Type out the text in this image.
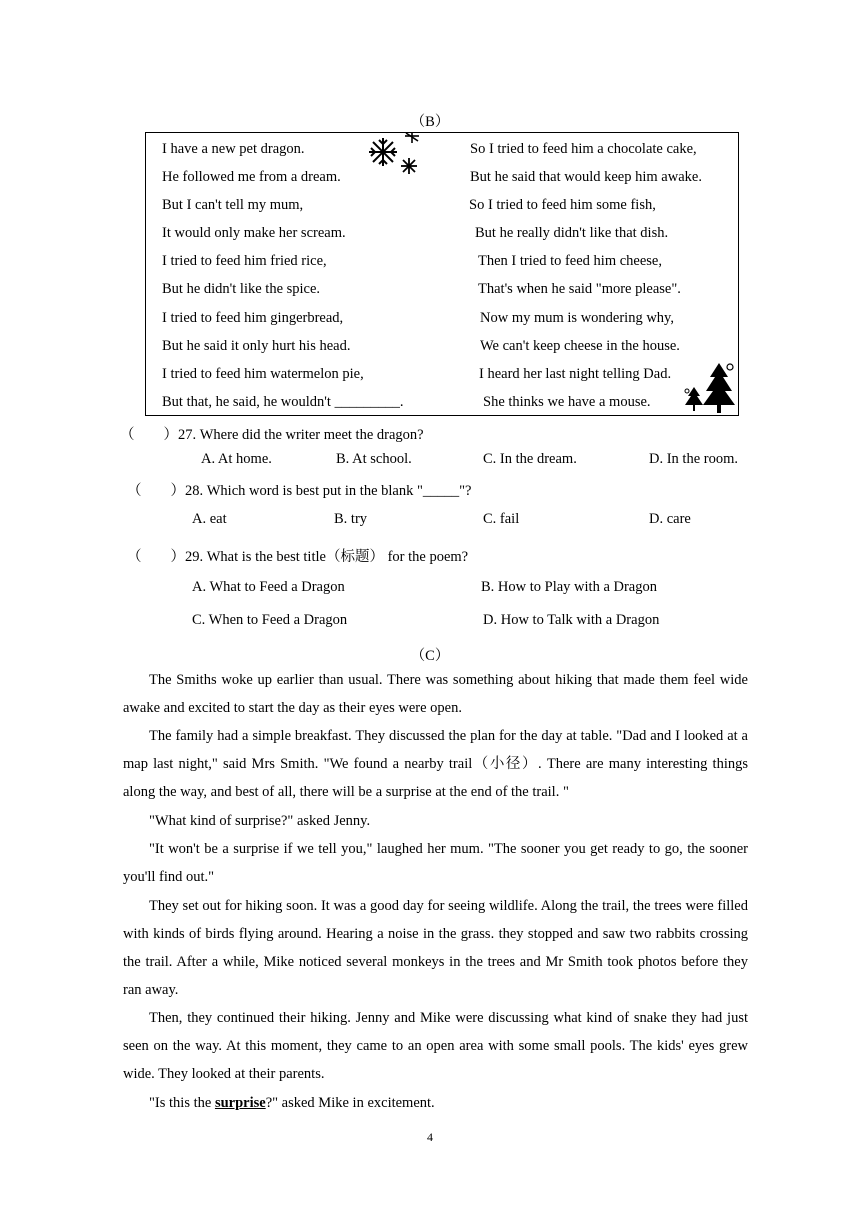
（B）
I have a new pet dragon.
He followed me from a dream.
But I can't tell my mum,
It would only make her scream.
I tried to feed him fried rice,
But he didn't like the spice.
I tried to feed him gingerbread,
But he said it only hurt his head.
I tried to feed him watermelon pie,
But that, he said, he wouldn't _________.
So I tried to feed him a chocolate cake,
But he said that would keep him awake.
So I tried to feed him some fish,
But he really didn't like that dish.
Then I tried to feed him cheese,
That's when he said "more please".
Now my mum is wondering why,
We can't keep cheese in the house.
I heard her last night telling Dad.
She thinks we have a mouse.
（　　）27. Where did the writer meet the dragon?
A. At home.	B. At school.	C. In the dream.	D. In the room.
（　　）28. Which word is best put in the blank "_____"?
A. eat	B. try	C. fail	D. care
（　　）29. What is the best title（标题） for the poem?
A. What to Feed a Dragon	B. How to Play with a Dragon
C. When to Feed a Dragon	D. How to Talk with a Dragon
（C）

The Smiths woke up earlier than usual. There was something about hiking that made them feel wide awake and excited to start the day as their eyes were open.

The family had a simple breakfast. They discussed the plan for the day at table. "Dad and I looked at a map last night," said Mrs Smith. "We found a nearby trail（小径）. There are many interesting things along the way, and best of all, there will be a surprise at the end of the trail. "

"What kind of surprise?" asked Jenny.

"It won't be a surprise if we tell you," laughed her mum. "The sooner you get ready to go, the sooner you'll find out."

They set out for hiking soon. It was a good day for seeing wildlife. Along the trail, the trees were filled with kinds of birds flying around. Hearing a noise in the grass. they stopped and saw two rabbits crossing the trail. After a while, Mike noticed several monkeys in the trees and Mr Smith took photos before they ran away.

Then, they continued their hiking. Jenny and Mike were discussing what kind of snake they had just seen on the way. At this moment, they came to an open area with some small pools. The kids' eyes grew wide. They looked at their parents.

"Is this the surprise?" asked Mike in excitement.
4
